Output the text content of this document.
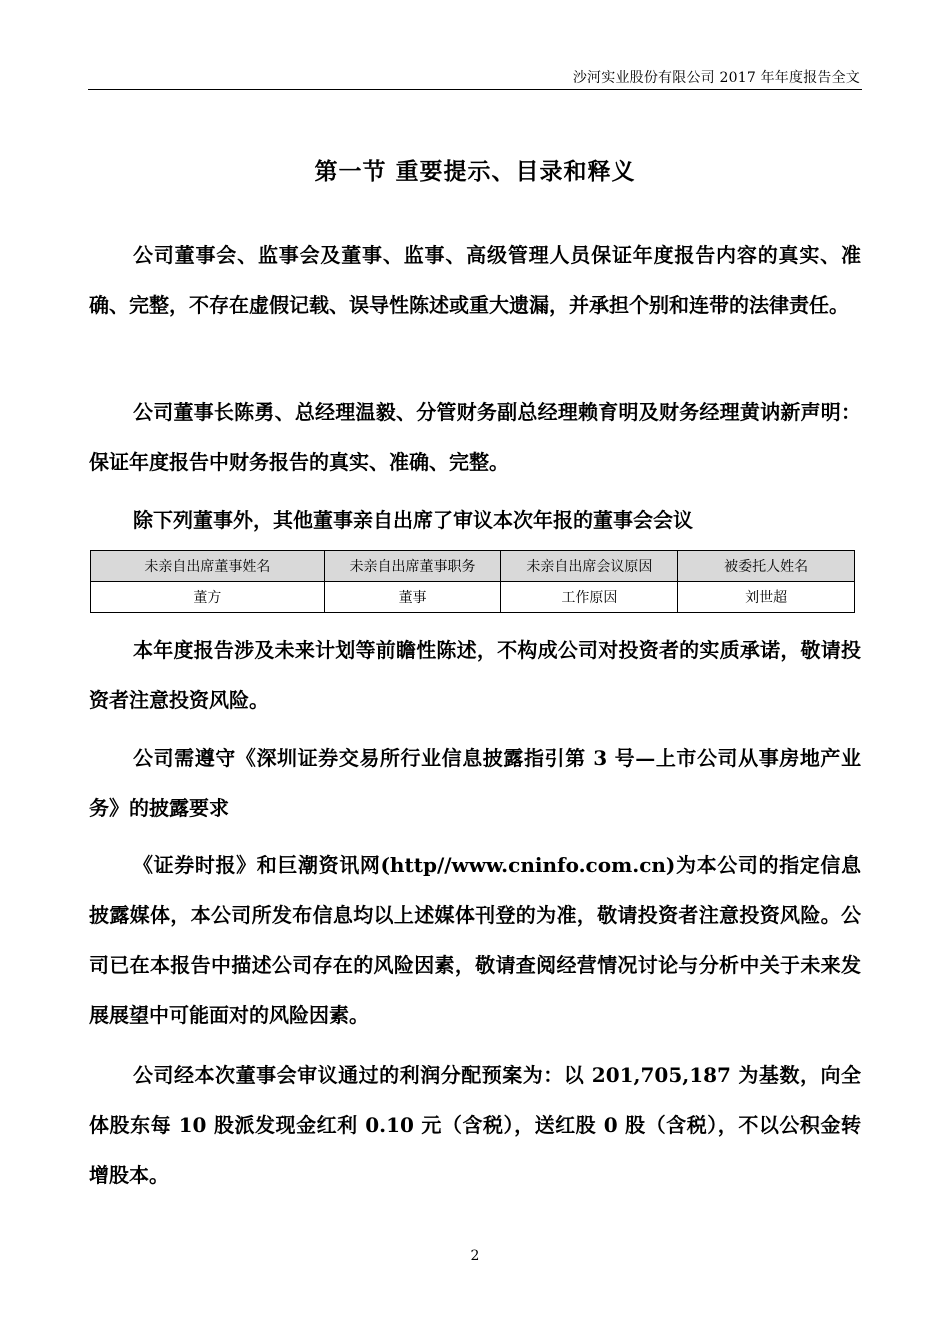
沙河实业股份有限公司 2017 年年度报告全文
第一节 重要提示、目录和释义

公司董事会、监事会及董事、监事、高级管理人员保证年度报告内容的真实、准确、完整，不存在虚假记载、误导性陈述或重大遗漏，并承担个别和连带的法律责任。

公司董事长陈勇、总经理温毅、分管财务副总经理赖育明及财务经理黄讷新声明：保证年度报告中财务报告的真实、准确、完整。

除下列董事外，其他董事亲自出席了审议本次年报的董事会会议

未亲自出席董事姓名	未亲自出席董事职务	未亲自出席会议原因	被委托人姓名
董方	董事	工作原因	刘世超

本年度报告涉及未来计划等前瞻性陈述，不构成公司对投资者的实质承诺，敬请投资者注意投资风险。

公司需遵守《深圳证券交易所行业信息披露指引第 3 号—上市公司从事房地产业务》的披露要求

《证券时报》和巨潮资讯网(http//www.cninfo.com.cn)为本公司的指定信息披露媒体，本公司所发布信息均以上述媒体刊登的为准，敬请投资者注意投资风险。公司已在本报告中描述公司存在的风险因素，敬请查阅经营情况讨论与分析中关于未来发展展望中可能面对的风险因素。

公司经本次董事会审议通过的利润分配预案为：以 201,705,187 为基数，向全体股东每 10 股派发现金红利 0.10 元（含税），送红股 0 股（含税），不以公积金转增股本。

2
